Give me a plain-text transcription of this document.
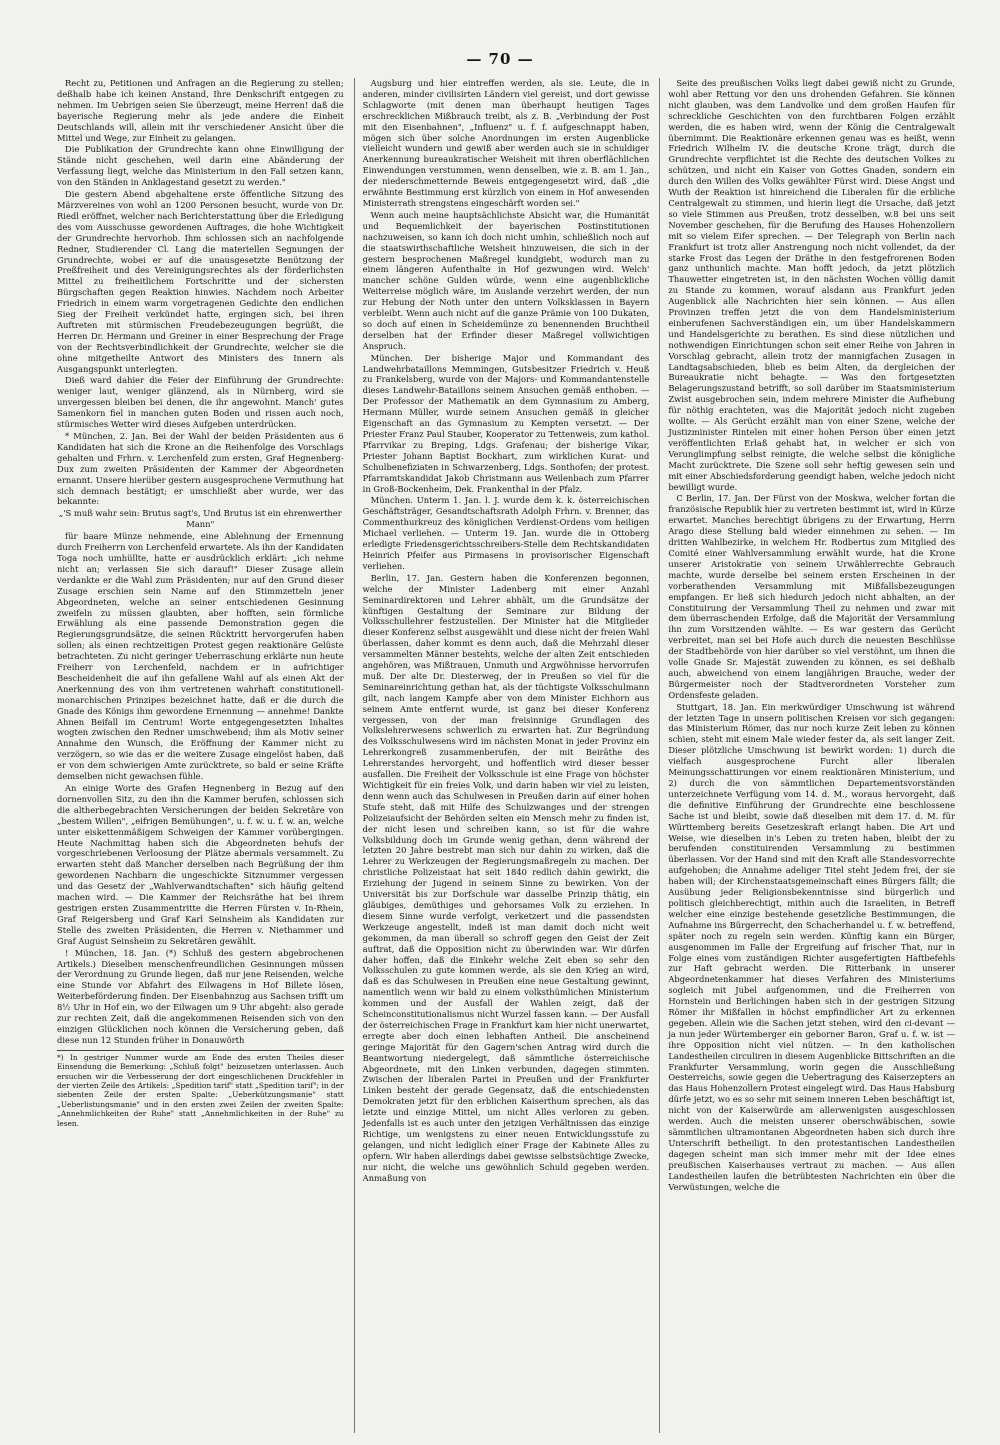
— 70 —

Recht zu, Petitionen und Anfragen an die Regierung zu stellen; deßhalb habe ich keinen Anstand, Ihre Denkschrift entgegen zu nehmen. Im Uebrigen seien Sie überzeugt, meine Herren! daß die bayerische Regierung mehr als jede andere die Einheit Deutschlands will, allein mit ihr verschiedener Ansicht über die Mittel und Wege, zur Einheit zu gelangen.

Die Publikation der Grundrechte kann ohne Einwilligung der Stände nicht geschehen, weil darin eine Abänderung der Verfassung liegt, welche das Ministerium in den Fall setzen kann, von den Ständen in Anklagestand gesetzt zu werden."

Die gestern Abend abgehaltene erste öffentliche Sitzung des Märzvereines von wohl an 1200 Personen besucht, wurde von Dr. Riedl eröffnet, welcher nach Berichterstattung über die Erledigung des vom Ausschusse gewordenen Auftrages, die hohe Wichtigkeit der Grundrechte hervorhob. Ihm schlossen sich an nachfolgende Redner, Studierender Cl. Lang die materiellen Segnungen der Grundrechte, wobei er auf die unausgesetzte Benützung der Preßfreiheit und des Vereinigungsrechtes als der förderlichsten Mittel zu freiheitlichem Fortschritte und der sichersten Bürgschaften gegen Reaktion hinwies. Nachdem noch Arbeiter Friedrich in einem warm vorgetragenen Gedichte den endlichen Sieg der Freiheit verkündet hatte, ergingen sich, bei ihren Auftreten mit stürmischen Freudebezeugungen begrüßt, die Herren Dr. Hermann und Greiner in einer Besprechung der Frage von der Rechtsverbindlichkeit der Grundrechte, welcher sie die ohne mitgetheilte Antwort des Ministers des Innern als Ausgangspunkt unterlegten.

Dieß ward dahier die Feier der Einführung der Grundrechte: weniger laut, weniger glänzend, als in Nürnberg, wird sie unvergessen bleiben bei denen, die ihr angewohnt. Manch' gutes Samenkorn fiel in manchen guten Boden und rissen auch noch, stürmisches Wetter wird dieses Aufgeben unterdrücken.

* München, 2. Jan. Bei der Wahl der beiden Präsidenten aus 6 Kandidaten hat sich die Krone an die Reihenfolge des Vorschlags gehalten und Frhrn. v. Lerchenfeld zum ersten, Graf Hegnenberg-Dux zum zweiten Präsidenten der Kammer der Abgeordneten ernannt. Unsere hierüber gestern ausgesprochene Vermuthung hat sich demnach bestätigt; er umschließt aber wurde, wer das bekannte:

„'S muß wahr sein: Brutus sagt's, Und Brutus ist ein ehrenwerther Mann"

für baare Münze nehmende, eine Ablehnung der Ernennung durch Freiherrn von Lerchenfeld erwartete. Als ihn der Kandidaten Toga noch umhüllte, hatte er ausdrücklich erklärt: „ich nehme nicht an; verlassen Sie sich darauf!" Dieser Zusage allein verdankte er die Wahl zum Präsidenten; nur auf den Grund dieser Zusage erschien sein Name auf den Stimmzetteln jener Abgeordneten, welche an seiner entschiedenen Gesinnung zweifeln zu müssen glaubten, aber hofften, sein förmliche Erwählung als eine passende Demonstration gegen die Regierungsgrundsätze, die seinen Rücktritt hervorgerufen haben sollen; als einen rechtzeitigen Protest gegen reaktionäre Gelüste betrachteten. Zu nicht geringer Ueberraschung erklärte nun heute Freiherr von Lerchenfeld, nachdem er in aufrichtiger Bescheidenheit die auf ihn gefallene Wahl auf als einen Akt der Anerkennung des von ihm vertretenen wahrhaft constitutionell-monarchischen Prinzipes bezeichnet hatte, daß er die durch die Gnade des Königs ihm gewordene Ernennung — annehme! Dankte Ahnen Beifall im Centrum! Worte entgegengesetzten Inhaltes wogten zwischen den Redner umschwebend; ihm als Motiv seiner Annahme den Wunsch, die Eröffnung der Kammer nicht zu verzögern, so wie das er die weitere Zusage eingelöst haben, daß er von dem schwierigen Amte zurücktrete, so bald er seine Kräfte demselben nicht gewachsen fühle.

An einige Worte des Grafen Hegnenberg in Bezug auf den dornenvollen Sitz, zu den ihn die Kammer berufen, schlossen sich die altherbegebrachten Versicherungen der beiden Sekretäre von „bestem Willen", „eifrigen Bemühungen", u. f. w. u. f. w. an, welche unter eiskettenmäßigem Schweigen der Kammer vorübergingen. Heute Nachmittag haben sich die Abgeordneten behufs der vorgeschriebenen Verloosung der Plätze abermals versammelt. Zu erwarten steht daß Mancher derselben nach Begrüßung der ihm gewordenen Nachbarn die ungeschickte Sitznummer vergessen und das Gesetz der „Wahlverwandtschaften" sich häufig geltend machen wird. — Die Kammer der Reichsräthe hat bei ihrem gestrigen ersten Zusammentritte die Herren Fürsten v. In-Rhein, Graf Reigersberg und Graf Karl Seinsheim als Kandidaten zur Stelle des zweiten Präsidenten, die Herren v. Niethammer und Graf August Seinsheim zu Sekretären gewählt.

! München, 18. Jan. (*) Schluß des gestern abgebrochenen Artikels.) Dieselben menschenfreundlichen Gesinnungen müssen der Verordnung zu Grunde liegen, daß nur jene Reisenden, welche eine Stunde vor Abfahrt des Eilwagens in Hof Billete lösen, Weiterbeförderung finden. Der Eisenbahnzug aus Sachsen trifft um 8½ Uhr in Hof ein, wo der Eilwagen um 9 Uhr abgeht: also gerade zur rechten Zeit, daß die angekommenen Reisenden sich von den einzigen Glücklichen noch können die Versicherung geben, daß diese nun 12 Stunden früher in Donauwörth

*) In gestriger Nummer wurde am Ende des ersten Theiles dieser Einsendung die Bemerkung: „Schluß folgt" beizusetzen unterlassen. Auch ersuchen wir die Verbesserung der dort eingeschlichenen Druckfehler in der vierten Zeile des Artikels: „Spedition tarif" statt „Spedition tarif"; in der siebenten Zeile der ersten Spalte: „Ueberkützungsmanie" statt „Ueberlistungsmanie" und in den ersten zwei Zeilen der zweiten Spalte: „Annehmlichkeiten der Ruhe" statt „Annehmlichkeiten in der Ruhe" zu lesen.

Augsburg und hier eintreffen werden, als sie. Leute, die in anderen, minder civilisirten Ländern viel gereist, und dort gewisse Schlagworte (mit denen man überhaupt heutigen Tages erschrecklichen Mißbrauch treibt, als z. B. „Verbindung der Post mit den Eisenbahnen", „Influenz" u. f. f. aufgeschnappt haben, mögen sich über solche Anordnungen im ersten Augenblicke vielleicht wundern und gewiß aber werden auch sie in schuldiger Anerkennung bureaukratischer Weisheit mit ihren oberflächlichen Einwendungen verstummen, wenn denselben, wie z. B. am 1. Jan., der niederschmetternde Beweis entgegengesetzt wird, daß „die erwähnte Bestimmung erst kürzlich von einem in Hof anwesenden Ministerrath strengstens eingeschärft worden sei."

Wenn auch meine hauptsächlichste Absicht war, die Humanität und Bequemlichkeit der bayerischen Postinstitutionen nachzuweisen, so kann ich doch nicht umhin, schließlich noch auf die staatswirthschaftliche Weisheit hinzuweisen, die sich in der gestern besprochenen Maßregel kundgiebt, wodurch man zu einem längeren Aufenthalte in Hof gezwungen wird. Welch' mancher schöne Gulden würde, wenn eine augenblickliche Weiterreise möglich wäre, im Auslande verzehrt werden, der nun zur Hebung der Noth unter den untern Volksklassen in Bayern verbleibt. Wenn auch nicht auf die ganze Prämie von 100 Dukaten, so doch auf einen in Scheidemünze zu benennenden Bruchtheil derselben hat der Erfinder dieser Maßregel vollwichtigen Anspruch.

München. Der bisherige Major und Kommandant des Landwehrbataillons Memmingen, Gutsbesitzer Friedrich v. Heuß zu Frankelsberg, wurde von der Majors- und Kommandantenstelle dieses Landwehr-Bataillons seinem Ansuchen gemäß enthoben. — Der Professor der Mathematik an dem Gymnasium zu Amberg, Hermann Müller, wurde seinem Ansuchen gemäß in gleicher Eigenschaft an das Gymnasium zu Kempten versetzt. — Der Priester Franz Paul Stauber, Kooperator zu Tettenweis, zum kathol. Pfarrvikar zu Breping, Ldgs. Grafenau; der bisherige Vikar, Priester Johann Baptist Bockhart, zum wirklichen Kurat- und Schulbenefiziaten in Schwarzenberg, Ldgs. Sonthofen; der protest. Pfarramtskandidat Jakob Christmann aus Weilenbach zum Pfarrer in Groß-Bockenheim, Dek. Frankenthal in der Pfalz.

München. Unterm 1. Jan. l. J. wurde dem k. k. österreichischen Geschäftsträger, Gesandtschaftsrath Adolph Frhrn. v. Brenner, das Commenthurkreuz des königlichen Verdienst-Ordens vom heiligen Michael verliehen. — Unterm 19. Jan. wurde die in Ottoberg erledigte Friedensgerichtsschreibers-Stelle dem Rechtskandidaten Heinrich Pfeifer aus Pirmasens in provisorischer Eigenschaft verliehen.

Berlin, 17. Jan. Gestern haben die Konferenzen begonnen, welche der Minister Ladenberg mit einer Anzahl Seminardirektoren und Lehrer abhält, um die Grundsätze der künftigen Gestaltung der Seminare zur Bildung der Volksschullehrer festzustellen. Der Minister hat die Mitglieder dieser Konferenz selbst ausgewählt und diese nicht der freien Wahl überlassen, daher kommt es denn auch, daß die Mehrzahl dieser versammelten Männer bestehts, welche der alten Zeit entschieden angehören, was Mißtrauen, Unmuth und Argwöhnisse hervorrufen muß. Der alte Dr. Diesterweg, der in Preußen so viel für die Seminareinrichtung gethan hat, als der tüchtigste Volksschulmann gilt, nach langem Kampfe aber von dem Minister Eichhorn aus seinem Amte entfernt wurde, ist ganz bei dieser Konferenz vergessen, von der man freisinnige Grundlagen des Volkslehrerwesens schwerlich zu erwarten hat. Zur Begründung des Volksschulwesens wird im nächsten Monat in jeder Provinz ein Lehrerkongreß zusammenberufen, der mit Beiräthe des Lehrerstandes hervorgeht, und hoffentlich wird dieser besser ausfallen. Die Freiheit der Volksschule ist eine Frage von höchster Wichtigkeit für ein freies Volk, und darin haben wir viel zu leisten, denn wenn auch das Schulwesen in Preußen darin auf einer hohen Stufe steht, daß mit Hilfe des Schulzwanges und der strengen Polizeiaufsicht der Behörden selten ein Mensch mehr zu finden ist, der nicht lesen und schreiben kann, so ist für die wahre Volksbildung doch im Grunde wenig gethan, denn während der letzten 20 Jahre bestrebt man sich nur dahin zu wirken, daß die Lehrer zu Werkzeugen der Regierungsmaßregeln zu machen. Der christliche Polizeistaat hat seit 1840 redlich dahin gewirkt, die Erziehung der Jugend in seinem Sinne zu bewirken. Von der Universität bis zur Dorfschule war dasselbe Prinzip thätig, ein gläubiges, demüthiges und gehorsames Volk zu erziehen. In diesem Sinne wurde verfolgt, verketzert und die passendsten Werkzeuge angestellt, indeß ist man damit doch nicht weit gekommen, da man überall so schroff gegen den Geist der Zeit auftrat, daß die Opposition nicht zu überwinden war. Wir dürfen daher hoffen, daß die Einkehr welche Zeit eben so sehr den Volksschulen zu gute kommen werde, als sie den Krieg an wird, daß es das Schulwesen in Preußen eine neue Gestaltung gewinnt, namentlich wenn wir bald zu einem volksthümlichen Ministerium kommen und der Ausfall der Wahlen zeigt, daß der Scheinconstitutionalismus nicht Wurzel fassen kann. — Der Ausfall der österreichischen Frage in Frankfurt kam hier nicht unerwartet, erregte aber doch einen lebhaften Antheil. Die anscheinend geringe Majorität für den Gagern'schen Antrag wird durch die Beantwortung niedergelegt, daß sämmtliche österreichische Abgeordnete, mit den Linken verbunden, dagegen stimmten. Zwischen der liberalen Partei in Preußen und der Frankfurter Linken besteht der gerade Gegensatz, daß die entschiedensten Demokraten jetzt für den erblichen Kaiserthum sprechen, als das letzte und einzige Mittel, um nicht Alles verloren zu geben. Jedenfalls ist es auch unter den jetzigen Verhältnissen das einzige Richtige, um wenigstens zu einer neuen Entwicklungsstufe zu gelangen, und nicht lediglich einer Frage der Kabinete Alles zu opfern. Wir haben allerdings dabei gewisse selbstsüchtige Zwecke, nur nicht, die welche uns gewöhnlich Schuld gegeben werden. Anmaßung von

Seite des preußischen Volks liegt dabei gewiß nicht zu Grunde, wohl aber Rettung vor den uns drohenden Gefahren. Sie können nicht glauben, was dem Landvolke und dem großen Haufen für schreckliche Geschichten von den furchtbaren Folgen erzählt werden, die es haben wird, wenn der König die Centralgewalt übernimmt. Die Reaktionäre erkennen genau was es heißt, wenn Friedrich Wilhelm IV. die deutsche Krone trägt, durch die Grundrechte verpflichtet ist die Rechte des deutschen Volkes zu schützen, und nicht ein Kaiser von Gottes Gnaden, sondern ein durch den Willen des Volks gewählter Fürst wird. Diese Angst und Wuth der Reaktion ist hinreichend die Liberalen für die erbliche Centralgewalt zu stimmen, und hierin liegt die Ursache, daß jetzt so viele Stimmen aus Preußen, trotz desselben, w.8 bei uns seit November geschehen, für die Berufung des Hauses Hohenzollern mit so vielem Eifer sprechen. — Der Telegraph von Berlin nach Frankfurt ist trotz aller Anstrengung noch nicht vollendet, da der starke Frost das Legen der Dräthe in den festgefrorenen Boden ganz unthunlich machte. Man hofft jedoch, da jetzt plötzlich Thauwetter eingetreten ist, in den nächsten Wochen völlig damit zu Stande zu kommen, worauf alsdann aus Frankfurt jeden Augenblick alle Nachrichten hier sein können. — Aus allen Provinzen treffen jetzt die von dem Handelsministerium einberufenen Sachverständigen ein, um über Handelskammern und Handelsgerichte zu berathen. Es sind diese nützlichen und nothwendigen Einrichtungen schon seit einer Reihe von Jahren in Vorschlag gebracht, allein trotz der mannigfachen Zusagen in Landtagsabschieden, blieb es beim Alten, da dergleichen der Bureaukratie nicht behagte. — Was den fortgesetzten Belagerungszustand betrifft, so soll darüber im Staatsministerium Zwist ausgebrochen sein, indem mehrere Minister die Aufhebung für nöthig erachteten, was die Majorität jedoch nicht zugeben wollte. — Als Gerücht erzählt man von einer Szene, welche der Justizminister Rintelen mit einer hohen Person über einen jetzt veröffentlichten Erlaß gehabt hat, in welcher er sich von Verunglimpfung selbst reinigte, die welche selbst die königliche Macht zurücktrete. Die Szene soll sehr heftig gewesen sein und mit einer Abschiedsforderung geendigt haben, welche jedoch nicht bewilligt wurde.

C Berlin, 17. Jan. Der Fürst von der Moskwa, welcher fortan die französische Republik hier zu vertreten bestimmt ist, wird in Kürze erwartet. Manches berechtigt übrigens zu der Erwartung, Herrn Arago diese Stellung bald wieder einnehmen zu sehen. — Im dritten Wahlbezirke, in welchem Hr. Rodbertus zum Mitglied des Comité einer Wahlversammlung erwählt wurde, hat die Krone unserer Aristokratie von seinem Urwählerrechte Gebrauch machte, wurde derselbe bei seinem ersten Erscheinen in der vorberathenden Versammlung mit Mißfallsbezeugungen empfangen. Er ließ sich hiedurch jedoch nicht abhalten, an der Constituirung der Versammlung Theil zu nehmen und zwar mit dem überraschenden Erfolge, daß die Majorität der Versammlung ihn zum Vorsitzenden wählte. — Es war gestern das Gerücht verbreitet, man sei bei Hofe auch durch die neuesten Beschlüsse der Stadtbehörde von hier darüber so viel verstöhnt, um ihnen die volle Gnade Sr. Majestät zuwenden zu können, es sei deßhalb auch, abweichend von einem langjährigen Brauche, weder der Bürgermeister noch der Stadtverordneten Vorsteher zum Ordensfeste geladen.

Stuttgart, 18. Jan. Ein merkwürdiger Umschwung ist während der letzten Tage in unsern politischen Kreisen vor sich gegangen: das Ministerium Römer, das nur noch kurze Zeit leben zu können schien, steht mit einem Male wieder fester da, als seit langer Zeit. Dieser plötzliche Umschwung ist bewirkt worden: 1) durch die vielfach ausgesprochene Furcht aller liberalen Meinungsschattirungen vor einem reaktionären Ministerium, und 2) durch die von sämmtlichen Departementsvorständen unterzeichnete Verfügung vom 14. d. M., woraus hervorgeht, daß die definitive Einführung der Grundrechte eine beschlossene Sache ist und bleibt, sowie daß dieselben mit dem 17. d. M. für Württemberg bereits Gesetzeskraft erlangt haben. Die Art und Weise, wie dieselben in's Leben zu treten haben, bleibt der zu berufenden constituirenden Versammlung zu bestimmen überlassen. Vor der Hand sind mit den Kraft alle Standesvorrechte aufgehoben; die Annahme adeliger Titel steht Jedem frei, der sie haben will; der Kirchenstaatsgemeinschaft eines Bürgers fällt; die Ausübung jeder Religionsbekenntnisse sind bürgerlich und politisch gleichberechtigt, mithin auch die Israeliten, in Betreff welcher eine einzige bestehende gesetzliche Bestimmungen, die Aufnahme ins Bürgerrecht, den Schacherhandel u. f. w. betreffend, später noch zu regeln sein werden. Künftig kann ein Bürger, ausgenommen im Falle der Ergreifung auf frischer That, nur in Folge eines vom zuständigen Richter ausgefertigten Haftbefehls zur Haft gebracht werden. Die Ritterbank in unserer Abgeordnetenkammer hat dieses Verfahren des Ministeriums sogleich mit Jubel aufgenommen, und die Freiherren von Hornstein und Berlichingen haben sich in der gestrigen Sitzung Römer ihr Mißfallen in höchst empfindlicher Art zu erkennen gegeben. Allein wie die Sachen jetzt stehen, wird den ci-devant — ja nun jeder Würtemberger ein geborner Baron, Graf u. f. w. ist — ihre Opposition nicht viel nützen. — In den katholischen Landestheilen circuliren in diesem Augenblicke Bittschriften an die Frankfurter Versammlung, worin gegen die Ausschließung Oesterreichs, sowie gegen die Uebertragung des Kaiserzepters an das Haus Hohenzollern Protest eingelegt wird. Das Haus Habsburg dürfe jetzt, wo es so sehr mit seinem inneren Leben beschäftigt ist, nicht von der Kaiserwürde am allerwenigsten ausgeschlossen werden. Auch die meisten unserer oberschwäbischen, sowie sämmtlichen ultramontanen Abgeordneten haben sich durch ihre Unterschrift betheiligt. In den protestantischen Landestheilen dagegen scheint man sich immer mehr mit der Idee eines preußischen Kaiserhauses vertraut zu machen. — Aus allen Landestheilen laufen die betrübtesten Nachrichten ein über die Verwüstungen, welche die
